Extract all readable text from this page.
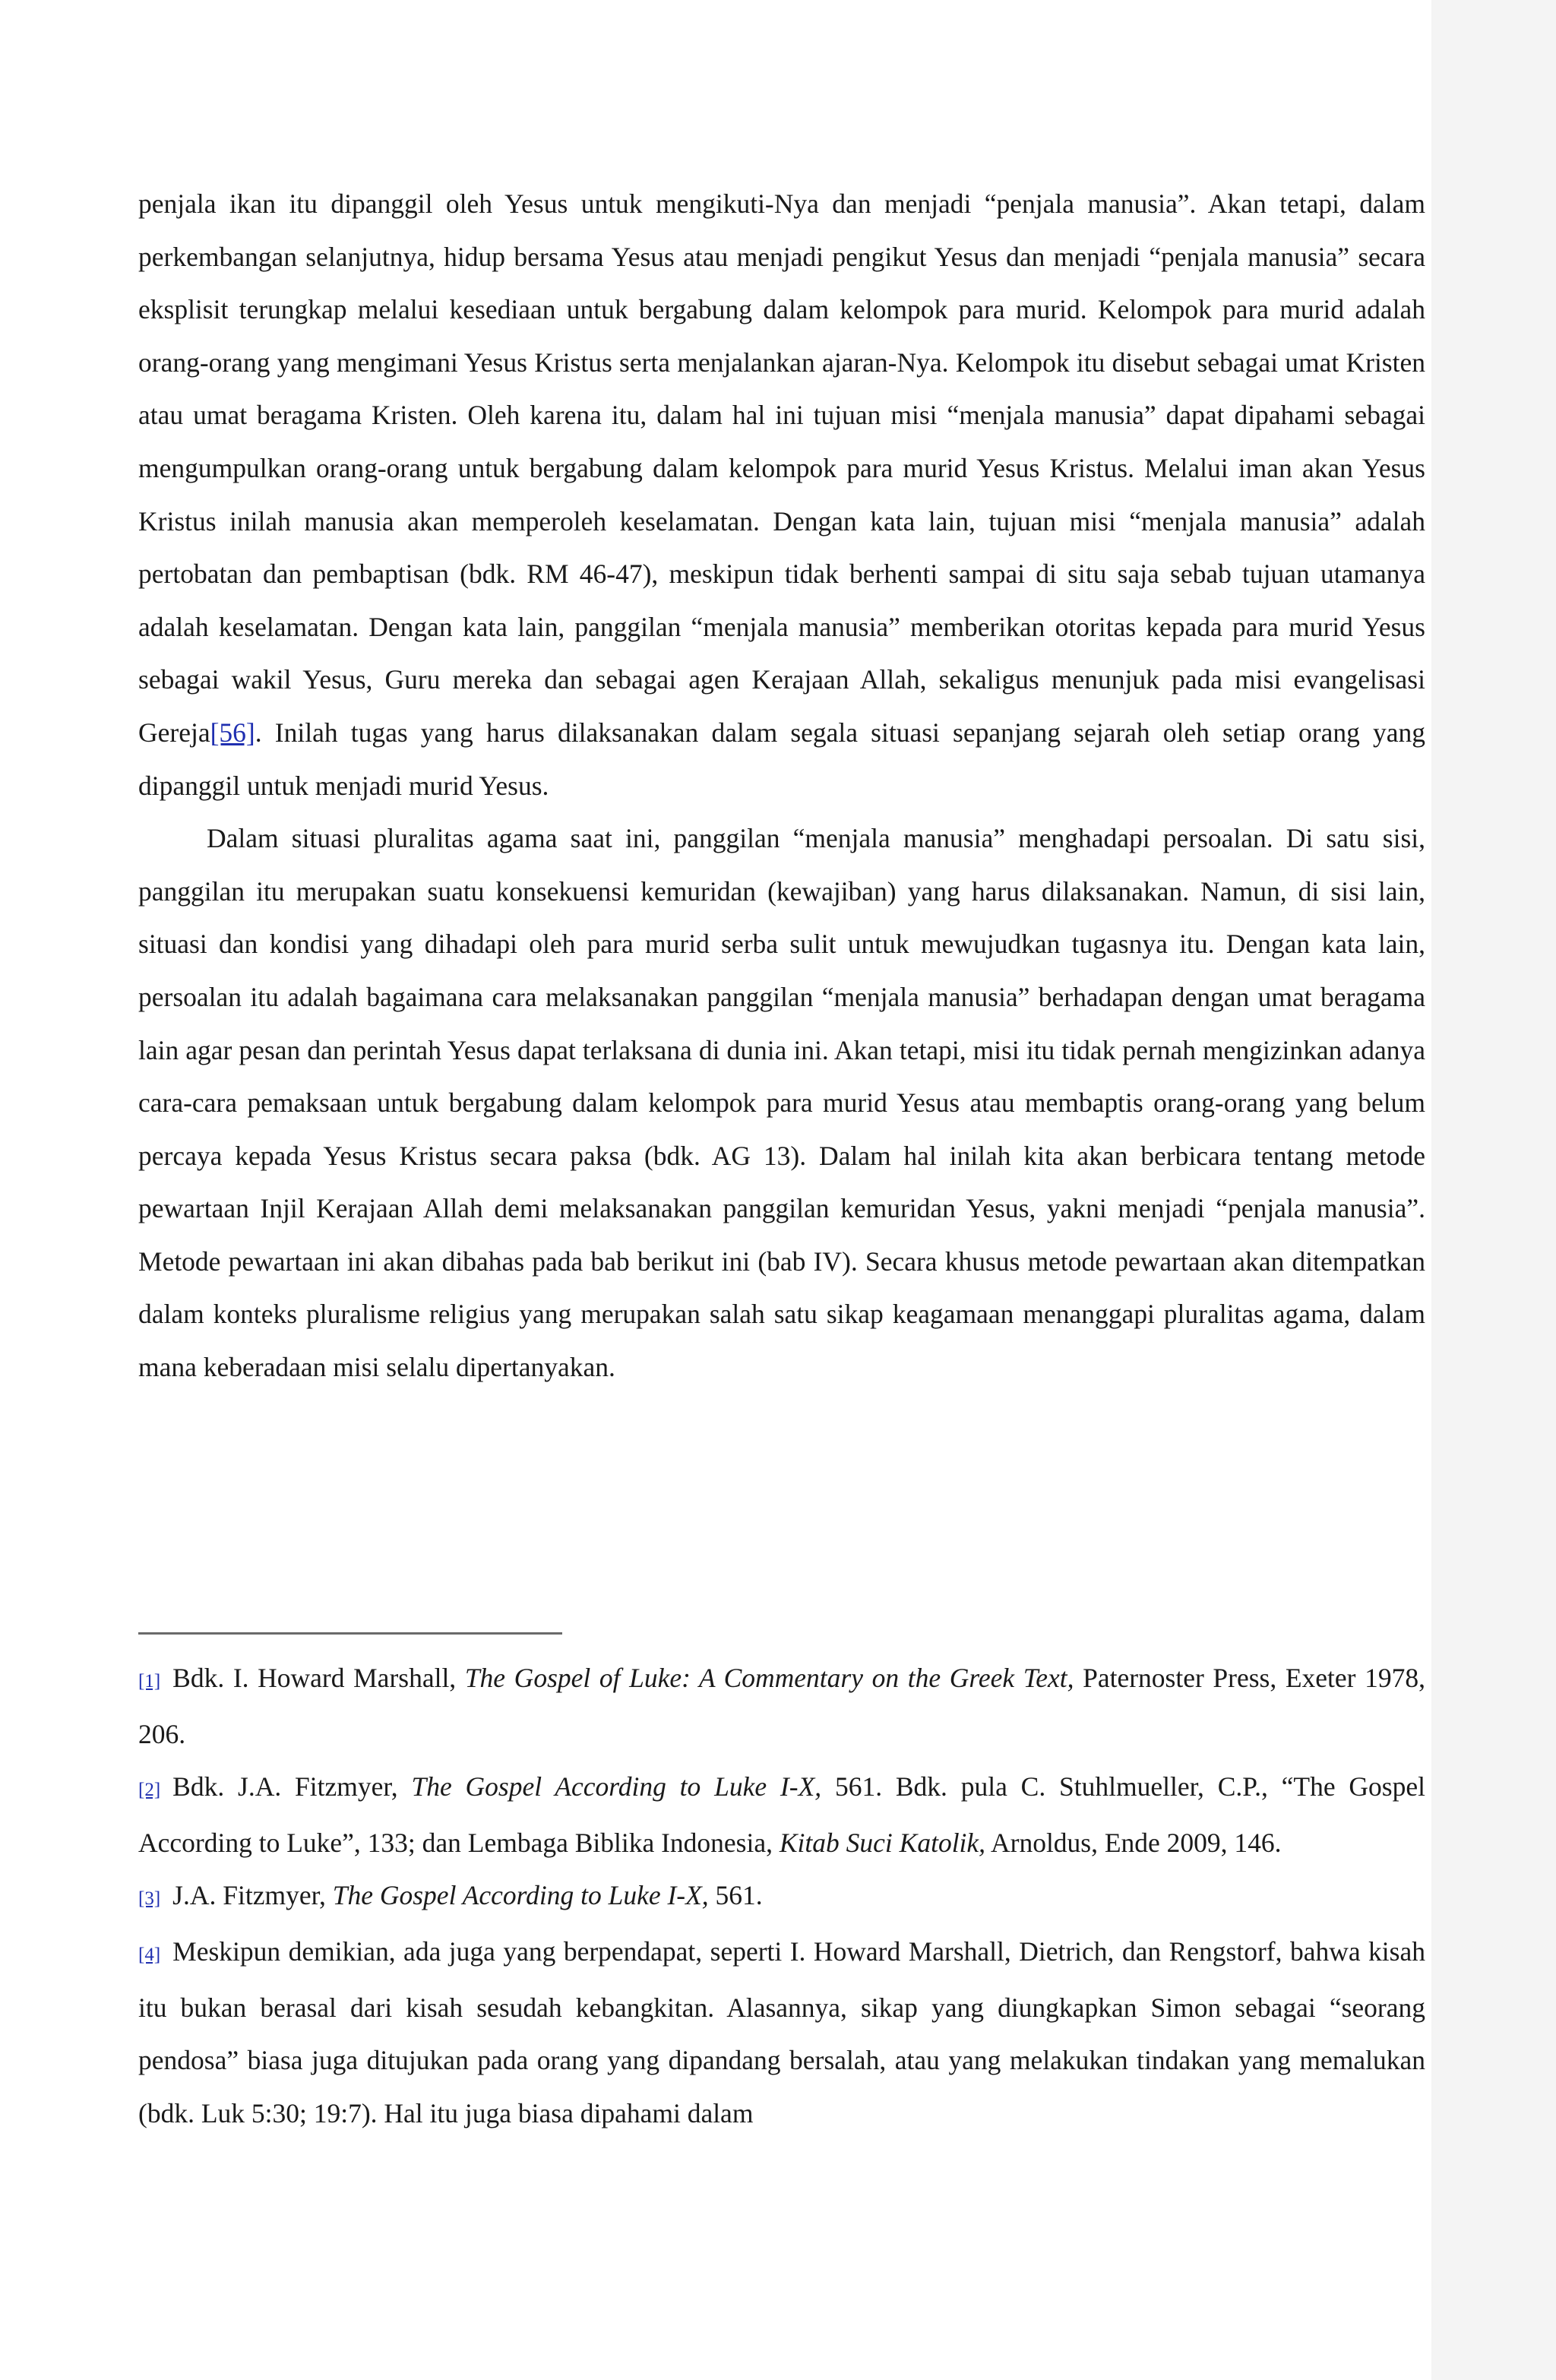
penjala ikan itu dipanggil oleh Yesus untuk mengikuti-Nya dan menjadi “penjala manusia”. Akan tetapi, dalam perkembangan selanjutnya, hidup bersama Yesus atau menjadi pengikut Yesus dan menjadi “penjala manusia” secara eksplisit terungkap melalui kesediaan untuk bergabung dalam kelompok para murid. Kelompok para murid adalah orang-orang yang mengimani Yesus Kristus serta menjalankan ajaran-Nya. Kelompok itu disebut sebagai umat Kristen atau umat beragama Kristen. Oleh karena itu, dalam hal ini tujuan misi “menjala manusia” dapat dipahami sebagai mengumpulkan orang-orang untuk bergabung dalam kelompok para murid Yesus Kristus. Melalui iman akan Yesus Kristus inilah manusia akan memperoleh keselamatan. Dengan kata lain, tujuan misi “menjala manusia” adalah pertobatan dan pembaptisan (bdk. RM 46-47), meskipun tidak berhenti sampai di situ saja sebab tujuan utamanya adalah keselamatan. Dengan kata lain, panggilan “menjala manusia” memberikan otoritas kepada para murid Yesus sebagai wakil Yesus, Guru mereka dan sebagai agen Kerajaan Allah, sekaligus menunjuk pada misi evangelisasi Gereja[56]. Inilah tugas yang harus dilaksanakan dalam segala situasi sepanjang sejarah oleh setiap orang yang dipanggil untuk menjadi murid Yesus.

Dalam situasi pluralitas agama saat ini, panggilan “menjala manusia” menghadapi persoalan. Di satu sisi, panggilan itu merupakan suatu konsekuensi kemuridan (kewajiban) yang harus dilaksanakan. Namun, di sisi lain, situasi dan kondisi yang dihadapi oleh para murid serba sulit untuk mewujudkan tugasnya itu. Dengan kata lain, persoalan itu adalah bagaimana cara melaksanakan panggilan “menjala manusia” berhadapan dengan umat beragama lain agar pesan dan perintah Yesus dapat terlaksana di dunia ini. Akan tetapi, misi itu tidak pernah mengizinkan adanya cara-cara pemaksaan untuk bergabung dalam kelompok para murid Yesus atau membaptis orang-orang yang belum percaya kepada Yesus Kristus secara paksa (bdk. AG 13). Dalam hal inilah kita akan berbicara tentang metode pewartaan Injil Kerajaan Allah demi melaksanakan panggilan kemuridan Yesus, yakni menjadi “penjala manusia”. Metode pewartaan ini akan dibahas pada bab berikut ini (bab IV). Secara khusus metode pewartaan akan ditempatkan dalam konteks pluralisme religius yang merupakan salah satu sikap keagamaan menanggapi pluralitas agama, dalam mana keberadaan misi selalu dipertanyakan.

[1] Bdk. I. Howard Marshall, The Gospel of Luke: A Commentary on the Greek Text, Paternoster Press, Exeter 1978, 206.

[2] Bdk. J.A. Fitzmyer, The Gospel According to Luke I-X, 561. Bdk. pula C. Stuhlmueller, C.P., “The Gospel According to Luke”, 133; dan Lembaga Biblika Indonesia, Kitab Suci Katolik, Arnoldus, Ende 2009, 146.

[3] J.A. Fitzmyer, The Gospel According to Luke I-X, 561.

[4] Meskipun demikian, ada juga yang berpendapat, seperti I. Howard Marshall, Dietrich, dan Rengstorf, bahwa kisah itu bukan berasal dari kisah sesudah kebangkitan. Alasannya, sikap yang diungkapkan Simon sebagai “seorang pendosa” biasa juga ditujukan pada orang yang dipandang bersalah, atau yang melakukan tindakan yang memalukan (bdk. Luk 5:30; 19:7). Hal itu juga biasa dipahami dalam
